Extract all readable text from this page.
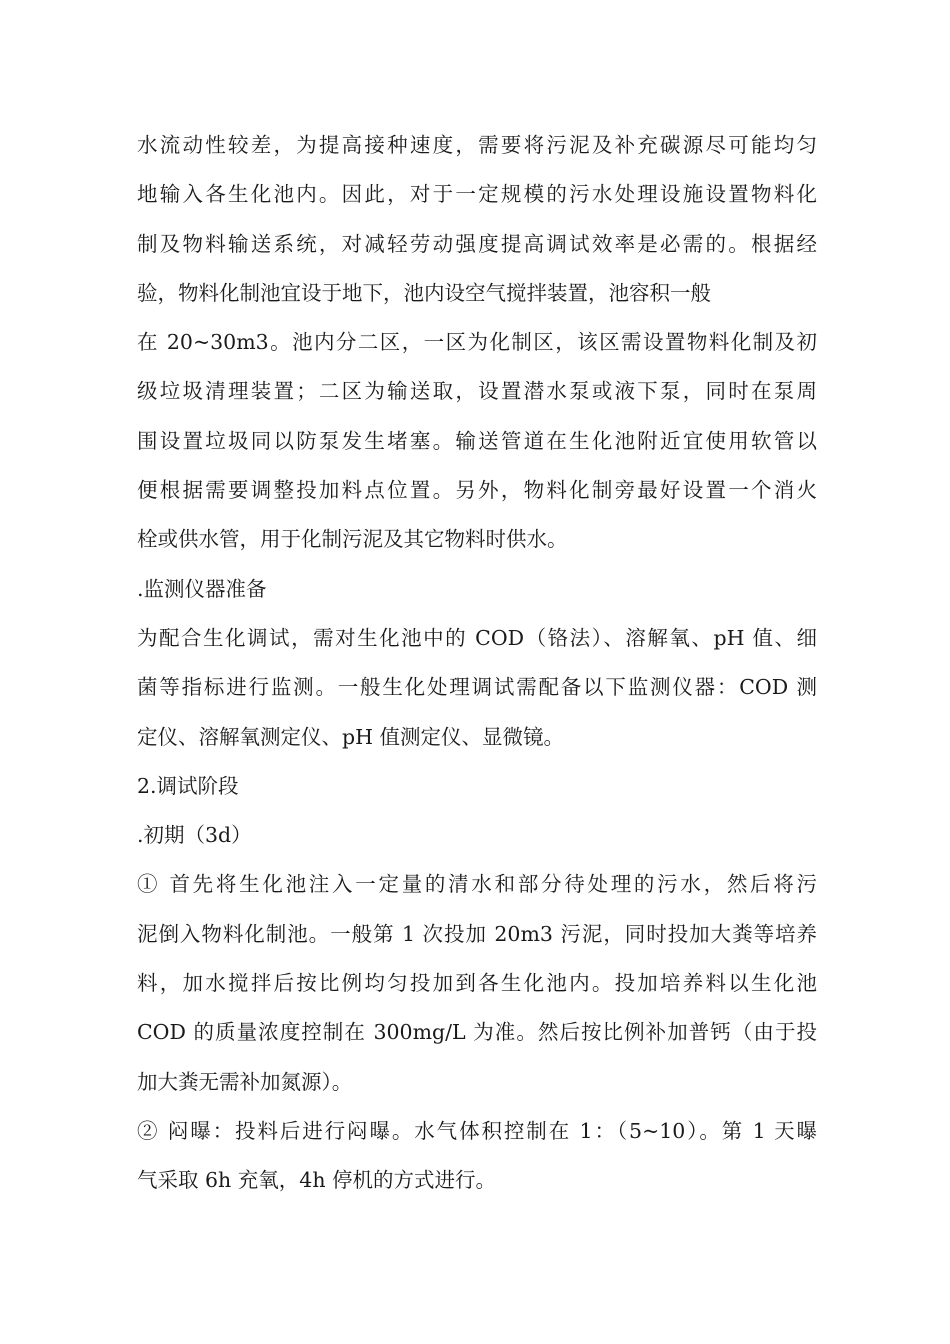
水流动性较差，为提高接种速度，需要将污泥及补充碳源尽可能均匀
地输入各生化池内。因此，对于一定规模的污水处理设施设置物料化
制及物料输送系统，对减轻劳动强度提高调试效率是必需的。根据经
验，物料化制池宜设于地下，池内设空气搅拌装置，池容积一般
在 20~30m3。池内分二区，一区为化制区，该区需设置物料化制及初
级垃圾清理装置；二区为输送取，设置潜水泵或液下泵，同时在泵周
围设置垃圾同以防泵发生堵塞。输送管道在生化池附近宜使用软管以
便根据需要调整投加料点位置。另外，物料化制旁最好设置一个消火
栓或供水管，用于化制污泥及其它物料时供水。
.监测仪器准备
为配合生化调试，需对生化池中的 COD（铬法）、溶解氧、pH 值、细
菌等指标进行监测。一般生化处理调试需配备以下监测仪器：COD 测
定仪、溶解氧测定仪、pH 值测定仪、显微镜。
2.调试阶段
.初期（3d）
① 首先将生化池注入一定量的清水和部分待处理的污水，然后将污
泥倒入物料化制池。一般第 1 次投加 20m3 污泥，同时投加大粪等培养
料，加水搅拌后按比例均匀投加到各生化池内。投加培养料以生化池
COD 的质量浓度控制在 300mg/L 为准。然后按比例补加普钙（由于投
加大粪无需补加氮源）。
② 闷曝：投料后进行闷曝。水气体积控制在 1：（5~10）。第 1 天曝
气采取 6h 充氧，4h 停机的方式进行。
